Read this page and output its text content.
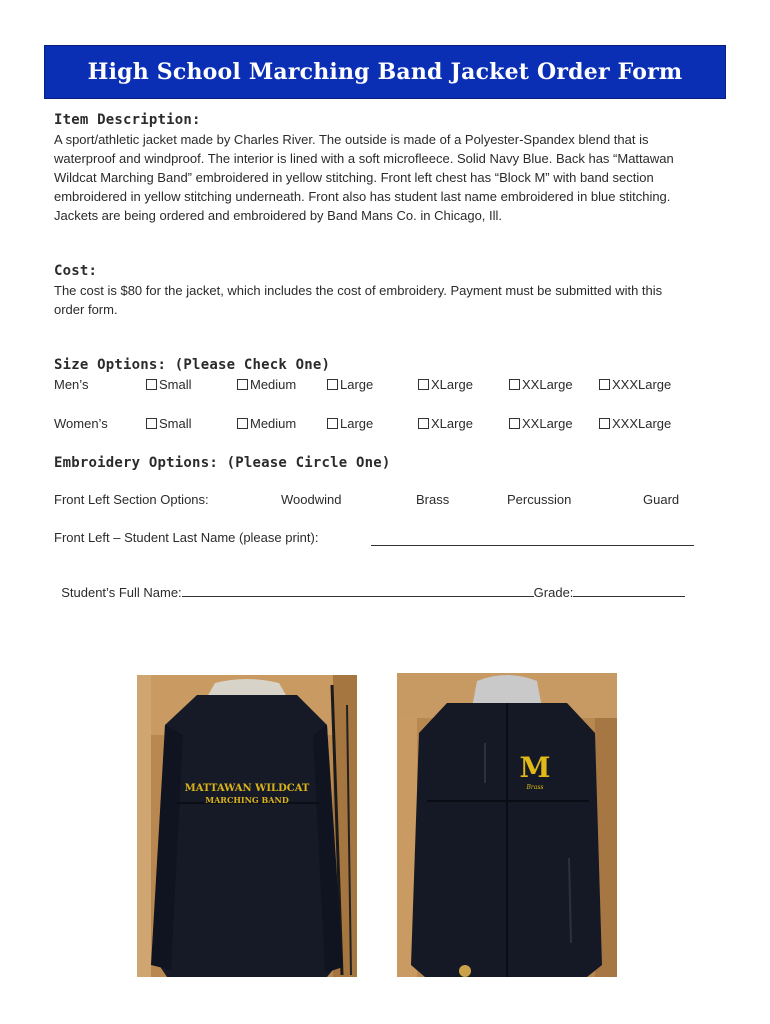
High School Marching Band Jacket Order Form
Item Description:
A sport/athletic jacket made by Charles River. The outside is made of a Polyester-Spandex blend that is
waterproof and windproof. The interior is lined with a soft microfleece. Solid Navy Blue. Back has “Mattawan
Wildcat Marching Band” embroidered in yellow stitching. Front left chest has “Block M” with band section
embroidered in yellow stitching underneath. Front also has student last name embroidered in blue stitching.
Jackets are being ordered and embroidered by Band Mans Co. in Chicago, Ill.
Cost:
The cost is $80 for the jacket, which includes the cost of embroidery. Payment must be submitted with this
order form.
Size Options: (Please Check One)
Men’s	Small	Medium	Large	XLarge	XXLarge	XXXLarge
Women’s	Small	Medium	Large	XLarge	XXLarge	XXXLarge
Embroidery Options: (Please Circle One)
Front Left Section Options:	Woodwind	Brass	Percussion	Guard
Front Left – Student Last Name (please print):

Student’s Full Name:	Grade:

MATTAWAN WILDCAT
MARCHING BAND
M
Brass
